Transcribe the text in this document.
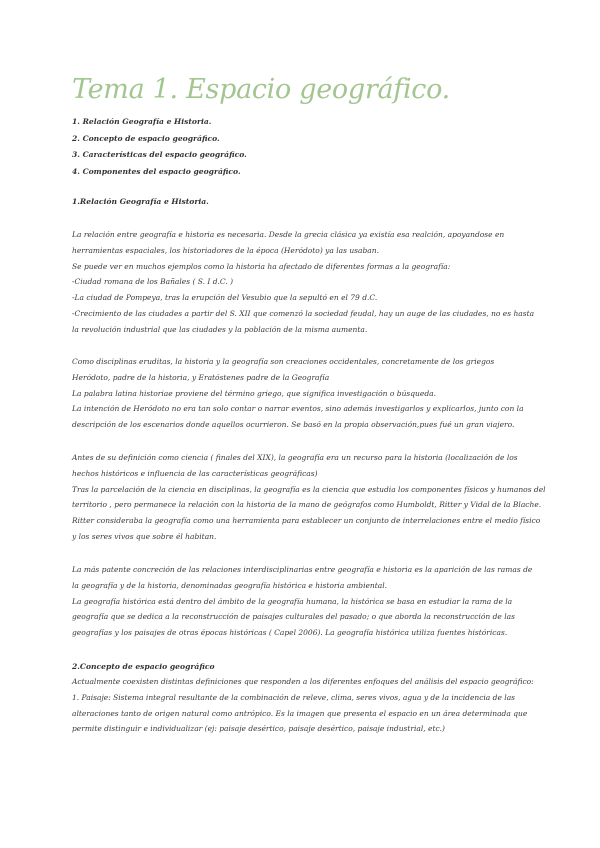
Tema 1. Espacio geográfico.
1. Relación Geografía e Historia.
2. Concepto de espacio geográfico.
3. Características del espacio geográfico.
4. Componentes del espacio geográfico.
1.Relación Geografía e Historia.
La relación entre geografía e historia es necesaria. Desde la grecia clásica ya existía esa realción, apoyandose en
herramientas espaciales, los historiadores de la época (Heródoto) ya las usaban.
Se puede ver en muchos ejemplos como la historia ha afectado de diferentes formas a la geografía:
-Ciudad romana de los Bañales ( S. I d.C. )
-La ciudad de Pompeya, tras la erupción del Vesubio que la sepultó en el 79 d.C.
-Crecimiento de las ciudades a partir del S. XII que comenzó la sociedad feudal, hay un auge de las ciudades, no es hasta
la revolución industrial que las ciudades y la población de la misma aumenta.
Como disciplinas eruditas, la historia y la geografía son creaciones occidentales, concretamente de los griegos
Heródoto, padre de la historia, y Eratóstenes padre de la Geografía
La palabra latina historiae proviene del término griego, que significa investigación o búsqueda.
La intención de Heródoto no era tan solo contar o narrar eventos, sino además investigarlos y explicarlos, junto con la
descripción de los escenarios donde aquellos ocurrieron. Se basó en la propia observación,pues fué un gran viajero.
Antes de su definición como ciencia ( finales del XIX), la geografía era un recurso para la historia (localización de los
hechos históricos e influencia de las características geográficas)
Tras la parcelación de la ciencia en disciplinas, la geografía es la ciencia que estudia los componentes físicos y humanos del
territorio , pero permanece la relación con la historia de la mano de geógrafos como Humboldt, Ritter y Vidal de la Blache.
Ritter consideraba la geografía como una herramienta para establecer un conjunto de interrelaciones entre el medio físico
y los seres vivos que sobre él habitan.
La más patente concreción de las relaciones interdisciplinarias entre geografía e historia es la aparición de las ramas de
la geografía y de la historia, denominadas geografía histórica e historia ambiental.
La geografía histórica está dentro del ámbito de la geografía humana, la histórica se basa en estudiar la rama de la
geografía que se dedica a la reconstrucción de paisajes culturales del pasado; o que aborda la reconstrucción de las
geografías y los paisajes de otras épocas históricas ( Capel 2006). La geografía histórica utiliza fuentes históricas.
2.Concepto de espacio geográfico
Actualmente coexisten distintas definiciones que responden a los diferentes enfoques del análisis del espacio geográfico:
1. Paisaje: Sistema integral resultante de la combinación de releve, clima, seres vivos, agua y de la incidencia de las
alteraciones tanto de origen natural como antrópico. Es la imagen que presenta el espacio en un área determinada que
permite distinguir e individualizar (ej: paisaje desértico, paisaje desértico, paisaje industrial, etc.)
